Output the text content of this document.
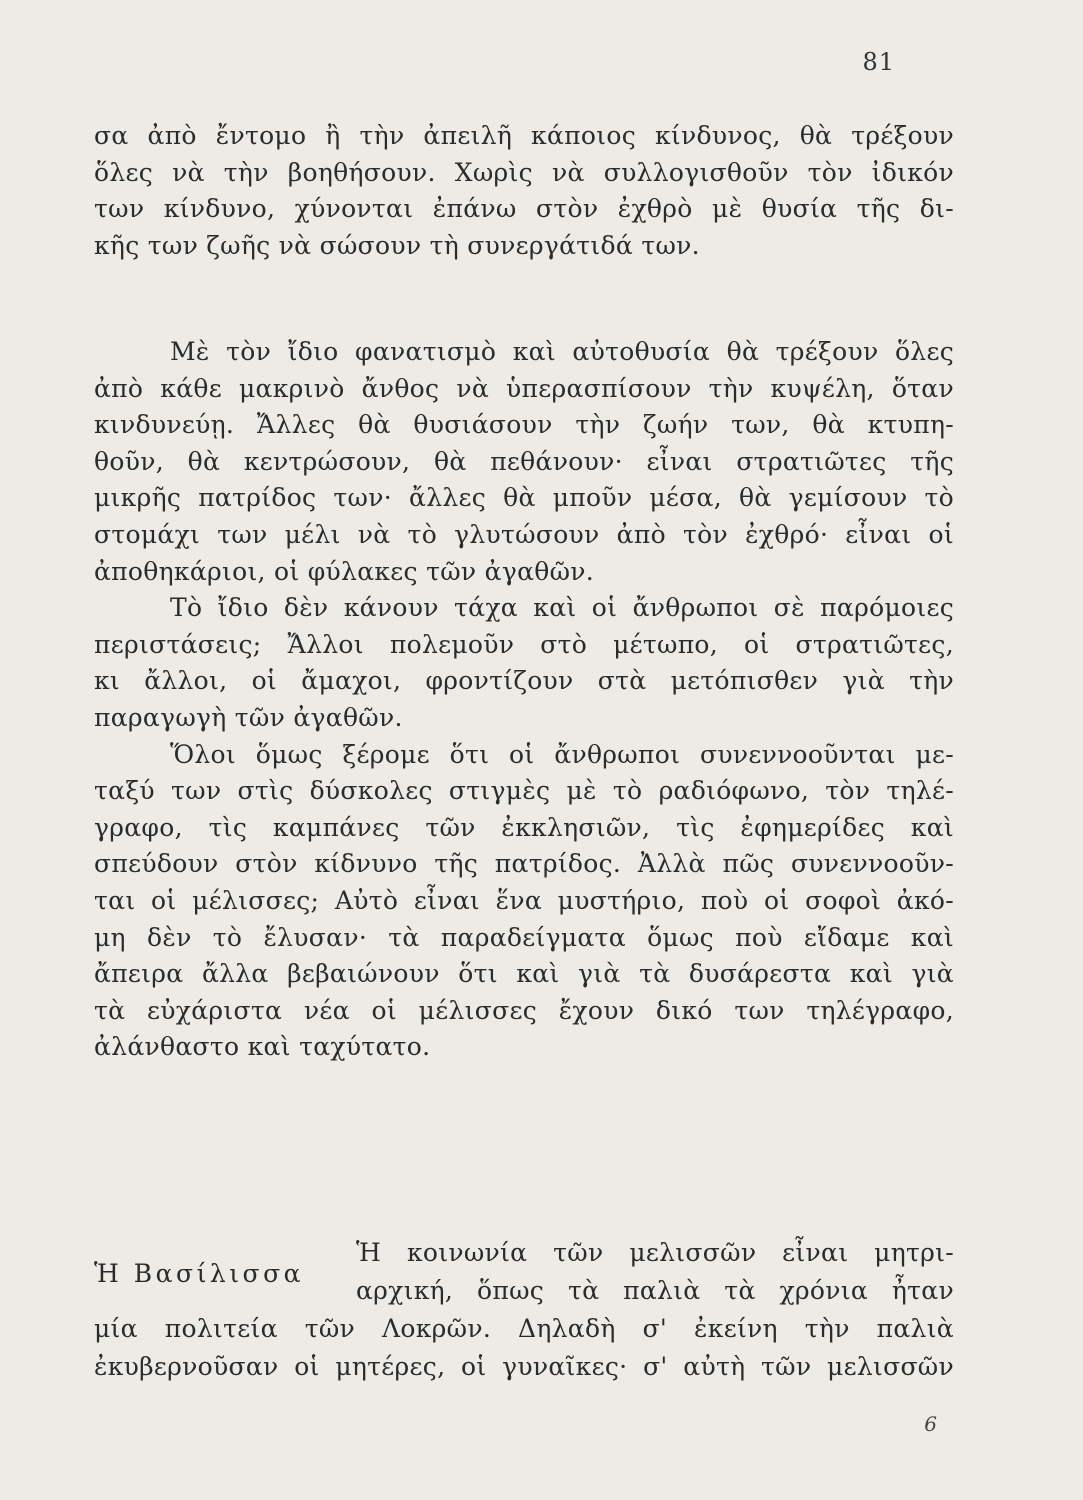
81
σα ἀπὸ ἔντομο ἢ τὴν ἀπειλῆ κάποιος κίνδυνος, θὰ τρέξουν
ὅλες νὰ τὴν βοηθήσουν. Χωρὶς νὰ συλλογισθοῦν τὸν ἰδικόν
των κίνδυνο, χύνονται ἐπάνω στὸν ἐχθρὸ μὲ θυσία τῆς δι-
κῆς των ζωῆς νὰ σώσουν τὴ συνεργάτιδά των.
Μὲ τὸν ἴδιο φανατισμὸ καὶ αὐτοθυσία θὰ τρέξουν ὅλες
ἀπὸ κάθε μακρινὸ ἄνθος νὰ ὑπερασπίσουν τὴν κυψέλη, ὅταν
κινδυνεύῃ. Ἄλλες θὰ θυσιάσουν τὴν ζωήν των, θὰ κτυπη-
θοῦν, θὰ κεντρώσουν, θὰ πεθάνουν· εἶναι στρατιῶτες τῆς
μικρῆς πατρίδος των· ἄλλες θὰ μποῦν μέσα, θὰ γεμίσουν τὸ
στομάχι των μέλι νὰ τὸ γλυτώσουν ἀπὸ τὸν ἐχθρό· εἶναι οἱ
ἀποθηκάριοι, οἱ φύλακες τῶν ἀγαθῶν.
Τὸ ἴδιο δὲν κάνουν τάχα καὶ οἱ ἄνθρωποι σὲ παρόμοιες
περιστάσεις; Ἄλλοι πολεμοῦν στὸ μέτωπο, οἱ στρατιῶτες,
κι ἄλλοι, οἱ ἄμαχοι, φροντίζουν στὰ μετόπισθεν γιὰ τὴν
παραγωγὴ τῶν ἀγαθῶν.
Ὅλοι ὅμως ξέρομε ὅτι οἱ ἄνθρωποι συνεννοοῦνται με-
ταξύ των στὶς δύσκολες στιγμὲς μὲ τὸ ραδιόφωνο, τὸν τηλέ-
γραφο, τὶς καμπάνες τῶν ἐκκλησιῶν, τὶς ἐφημερίδες καὶ
σπεύδουν στὸν κίδνυνο τῆς πατρίδος. Ἀλλὰ πῶς συνεννοοῦν-
ται οἱ μέλισσες; Αὐτὸ εἶναι ἕνα μυστήριο, ποὺ οἱ σοφοὶ ἀκό-
μη δὲν τὸ ἔλυσαν· τὰ παραδείγματα ὅμως ποὺ εἴδαμε καὶ
ἄπειρα ἄλλα βεβαιώνουν ὅτι καὶ γιὰ τὰ δυσάρεστα καὶ γιὰ
τὰ εὐχάριστα νέα οἱ μέλισσες ἔχουν δικό των τηλέγραφο,
ἀλάνθαστο καὶ ταχύτατο.
Ἡ Βασίλισσα
Ἡ κοινωνία τῶν μελισσῶν εἶναι μητρι-
αρχική, ὅπως τὰ παλιὰ τὰ χρόνια ἦταν
μία πολιτεία τῶν Λοκρῶν. Δηλαδὴ σ' ἐκείνη τὴν παλιὰ
ἐκυβερνοῦσαν οἱ μητέρες, οἱ γυναῖκες· σ' αὐτὴ τῶν μελισσῶν
6
